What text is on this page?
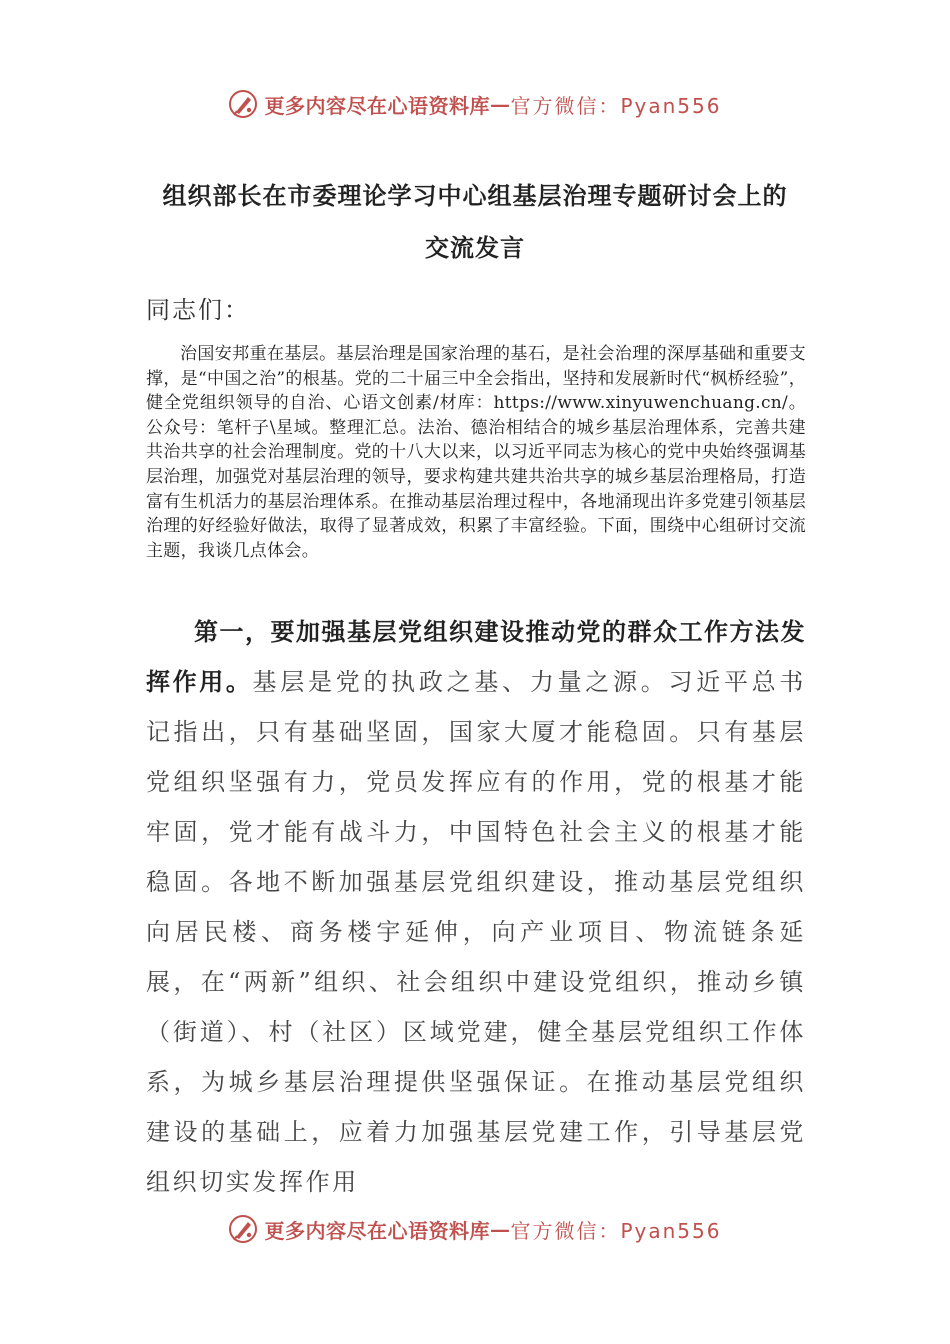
更多内容尽在心语资料库 — 官方微信：Pyan556
组织部长在市委理论学习中心组基层治理专题研讨会上的
交流发言
同志们：

治国安邦重在基层。基层治理是国家治理的基石，是社会治理的深厚基础和重要支撑，是“中国之治”的根基。党的二十届三中全会指出，坚持和发展新时代“枫桥经验”，健全党组织领导的自治、心语文创素/材库：https://www.xinyuwenchuang.cn/。公众号：笔杆子\星域。整理汇总。法治、德治相结合的城乡基层治理体系，完善共建共治共享的社会治理制度。党的十八大以来，以习近平同志为核心的党中央始终强调基层治理，加强党对基层治理的领导，要求构建共建共治共享的城乡基层治理格局，打造富有生机活力的基层治理体系。在推动基层治理过程中，各地涌现出许多党建引领基层治理的好经验好做法，取得了显著成效，积累了丰富经验。下面，围绕中心组研讨交流主题，我谈几点体会。

第一，要加强基层党组织建设推动党的群众工作方法发挥作用。基层是党的执政之基、力量之源。习近平总书记指出，只有基础坚固，国家大厦才能稳固。只有基层党组织坚强有力，党员发挥应有的作用，党的根基才能牢固，党才能有战斗力，中国特色社会主义的根基才能稳固。各地不断加强基层党组织建设，推动基层党组织向居民楼、商务楼宇延伸，向产业项目、物流链条延展，在“两新”组织、社会组织中建设党组织，推动乡镇（街道）、村（社区）区域党建，健全基层党组织工作体系，为城乡基层治理提供坚强保证。在推动基层党组织建设的基础上，应着力加强基层党建工作，引导基层党组织切实发挥作用

更多内容尽在心语资料库 — 官方微信：Pyan556
